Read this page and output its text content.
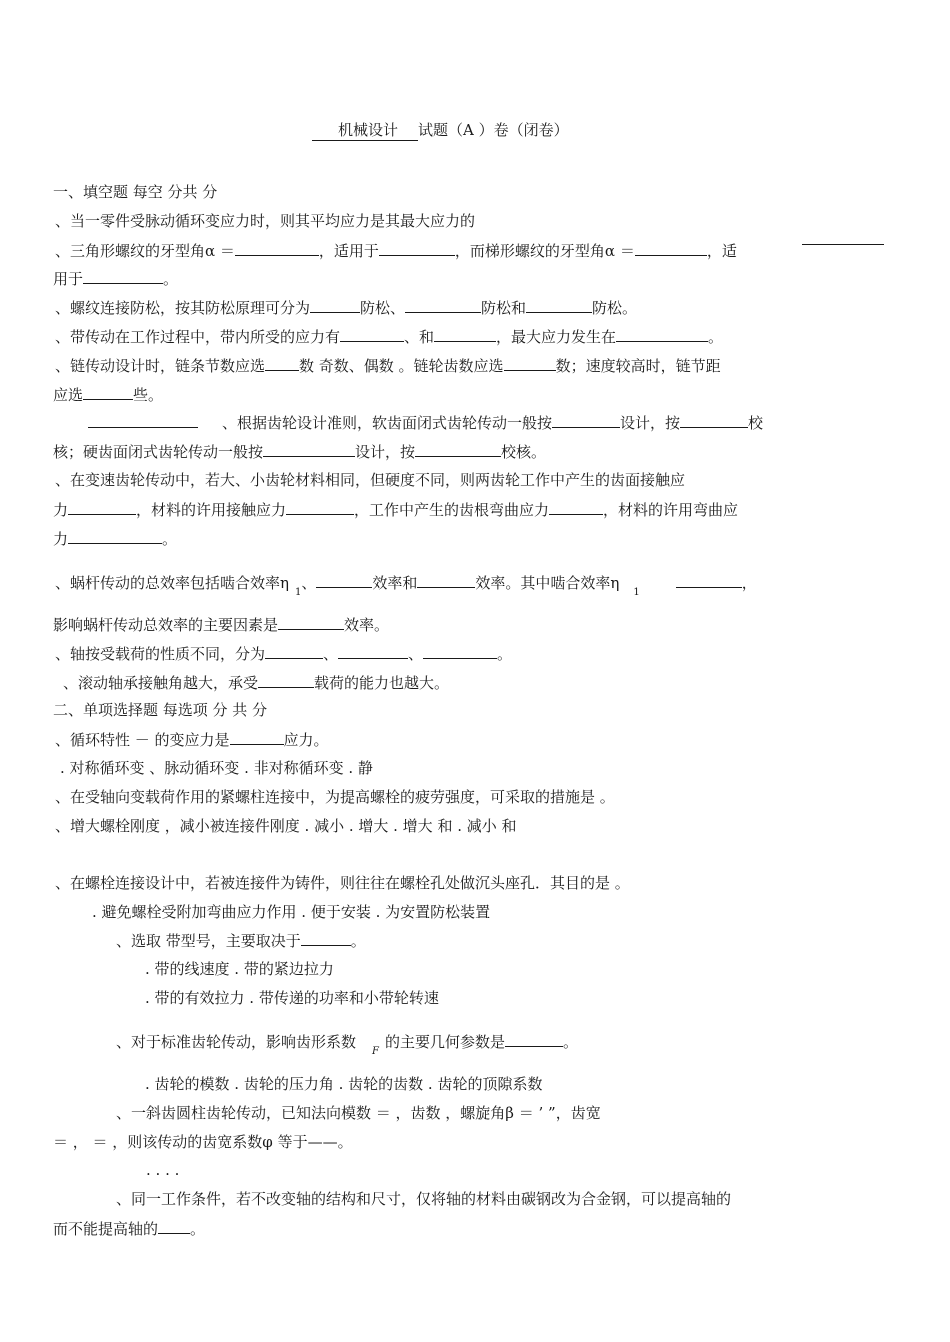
机械设计 试题（A ）卷（闭卷）
一、填空题 每空 分共 分
、当一零件受脉动循环变应力时，则其平均应力是其最大应力的
、三角形螺纹的牙型角α ＝	，适用于	，而梯形螺纹的牙型角α ＝	，适
用于	。
、螺纹连接防松，按其防松原理可分为	防松、	防松和	防松。
、带传动在工作过程中，带内所受的应力有	、和	，最大应力发生在	。
、链传动设计时，链条节数应选 数 奇数、偶数 。链轮齿数应选	数；速度较高时，链节距
应选	些。
、根据齿轮设计准则，软齿面闭式齿轮传动一般按	设计，按	校
核；硬齿面闭式齿轮传动一般按	设计，按	校核。
、在变速齿轮传动中，若大、小齿轮材料相同，但硬度不同，则两齿轮工作中产生的齿面接触应
力	，材料的许用接触应力	，工作中产生的齿根弯曲应力	，材料的许用弯曲应
力	。
、蜗杆传动的总效率包括啮合效率$\eta_1$、	效率和	效率。其中啮合效率$\eta_1$，
影响蜗杆传动总效率的主要因素是	效率。
、轴按受载荷的性质不同，分为	、	、	。
、滚动轴承接触角越大，承受	载荷的能力也越大。
二、单项选择题 每选项 分 共 分
、循环特性 － 的变应力是	应力。
. 对称循环变 、脉动循环变 . 非对称循环变 . 静
、在受轴向变载荷作用的紧螺柱连接中，为提高螺栓的疲劳强度，可采取的措施是 。
、增大螺栓刚度 ，减小被连接件刚度 . 减小 . 增大 . 增大 和 . 减小 和
、在螺栓连接设计中，若被连接件为铸件，则往往在螺栓孔处做沉头座孔．其目的是 。
. 避免螺栓受附加弯曲应力作用 . 便于安装 . 为安置防松装置
、选取 带型号，主要取决于	。
. 带的线速度 . 带的紧边拉力
. 带的有效拉力 . 带传递的功率和小带轮转速
、对于标准齿轮传动，影响齿形系数$_F$的主要几何参数是	。
. 齿轮的模数 . 齿轮的压力角 . 齿轮的齿数 . 齿轮的顶隙系数
、一斜齿圆柱齿轮传动，已知法向模数 ＝ ，齿数 ，螺旋角β ＝ ’ ”，齿宽
＝ ， ＝ ，则该传动的齿宽系数φ 等于——。
. . . .
、同一工作条件，若不改变轴的结构和尺寸，仅将轴的材料由碳钢改为合金钢，可以提高轴的
而不能提高轴的 。
